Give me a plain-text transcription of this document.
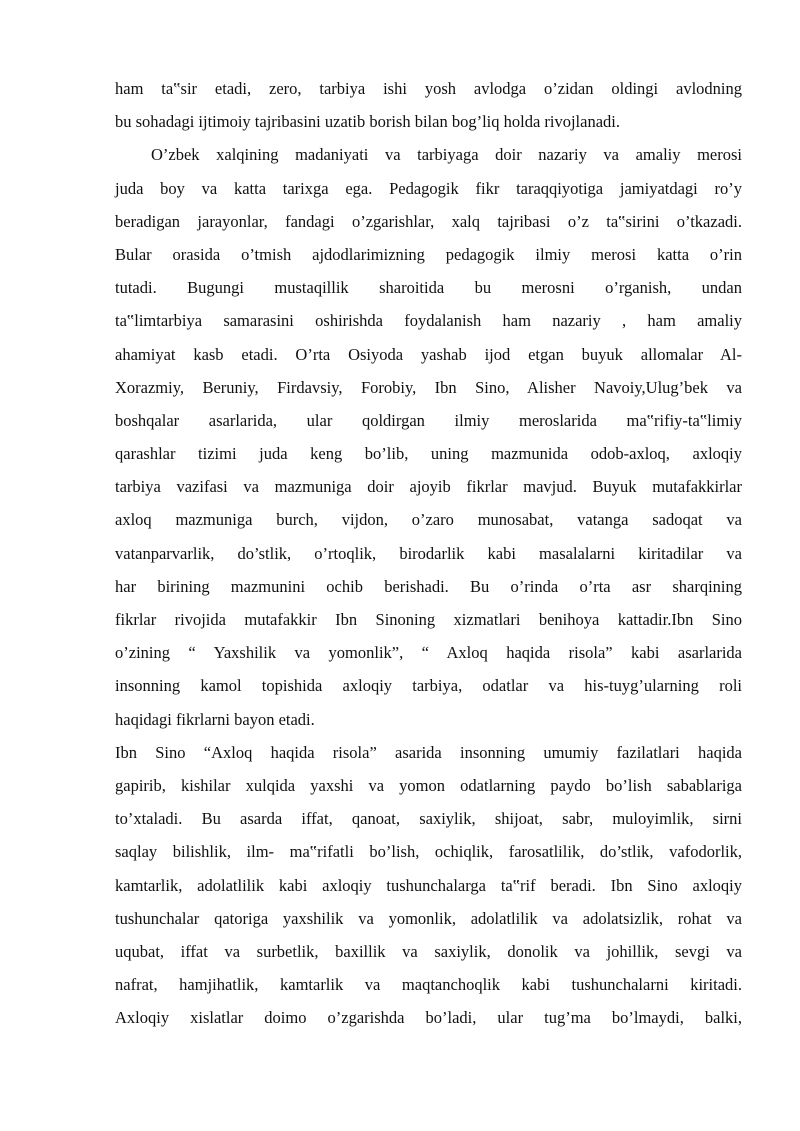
ham ta‟sir etadi, zero, tarbiya ishi yosh avlodga o’zidan oldingi avlodning
bu sohadagi ijtimoiy tajribasini uzatib borish bilan bog’liq holda rivojlanadi.
O’zbek xalqining madaniyati va tarbiyaga doir nazariy va amaliy merosi
juda boy va katta tarixga ega. Pedagogik fikr taraqqiyotiga jamiyatdagi ro’y
beradigan jarayonlar, fandagi o’zgarishlar, xalq tajribasi o’z ta‟sirini o’tkazadi.
Bular orasida o’tmish ajdodlarimizning pedagogik ilmiy merosi katta o’rin
tutadi. Bugungi mustaqillik sharoitida bu merosni o’rganish, undan
ta‟limtarbiya samarasini oshirishda foydalanish ham nazariy , ham amaliy
ahamiyat kasb etadi. O’rta Osiyoda yashab ijod etgan buyuk allomalar Al-
Xorazmiy, Beruniy, Firdavsiy, Forobiy, Ibn Sino, Alisher Navoiy,Ulug’bek va
boshqalar asarlarida, ular qoldirgan ilmiy meroslarida ma‟rifiy-ta‟limiy
qarashlar tizimi juda keng bo’lib, uning mazmunida odob-axloq, axloqiy
tarbiya vazifasi va mazmuniga doir ajoyib fikrlar mavjud. Buyuk mutafakkirlar
axloq mazmuniga burch, vijdon, o’zaro munosabat, vatanga sadoqat va
vatanparvarlik, do’stlik, o’rtoqlik, birodarlik kabi masalalarni kiritadilar va
har birining mazmunini ochib berishadi. Bu o’rinda o’rta asr sharqining
fikrlar rivojida mutafakkir Ibn Sinoning xizmatlari benihoya kattadir.Ibn Sino
o’zining “ Yaxshilik va yomonlik”, “ Axloq haqida risola” kabi asarlarida
insonning kamol topishida axloqiy tarbiya, odatlar va his-tuyg’ularning roli
haqidagi fikrlarni bayon etadi.
Ibn Sino “Axloq haqida risola” asarida insonning umumiy fazilatlari haqida
gapirib, kishilar xulqida yaxshi va yomon odatlarning paydo bo’lish sabablariga
to’xtaladi. Bu asarda iffat, qanoat, saxiylik, shijoat, sabr, muloyimlik, sirni
saqlay bilishlik, ilm- ma‟rifatli bo’lish, ochiqlik, farosatlilik, do’stlik, vafodorlik,
kamtarlik, adolatlilik kabi axloqiy tushunchalarga ta‟rif beradi. Ibn Sino axloqiy
tushunchalar qatoriga yaxshilik va yomonlik, adolatlilik va adolatsizlik, rohat va
uqubat, iffat va surbetlik, baxillik va saxiylik, donolik va johillik, sevgi va
nafrat, hamjihatlik, kamtarlik va maqtanchoqlik kabi tushunchalarni kiritadi.
Axloqiy xislatlar doimo o’zgarishda bo’ladi, ular tug’ma bo’lmaydi, balki,
